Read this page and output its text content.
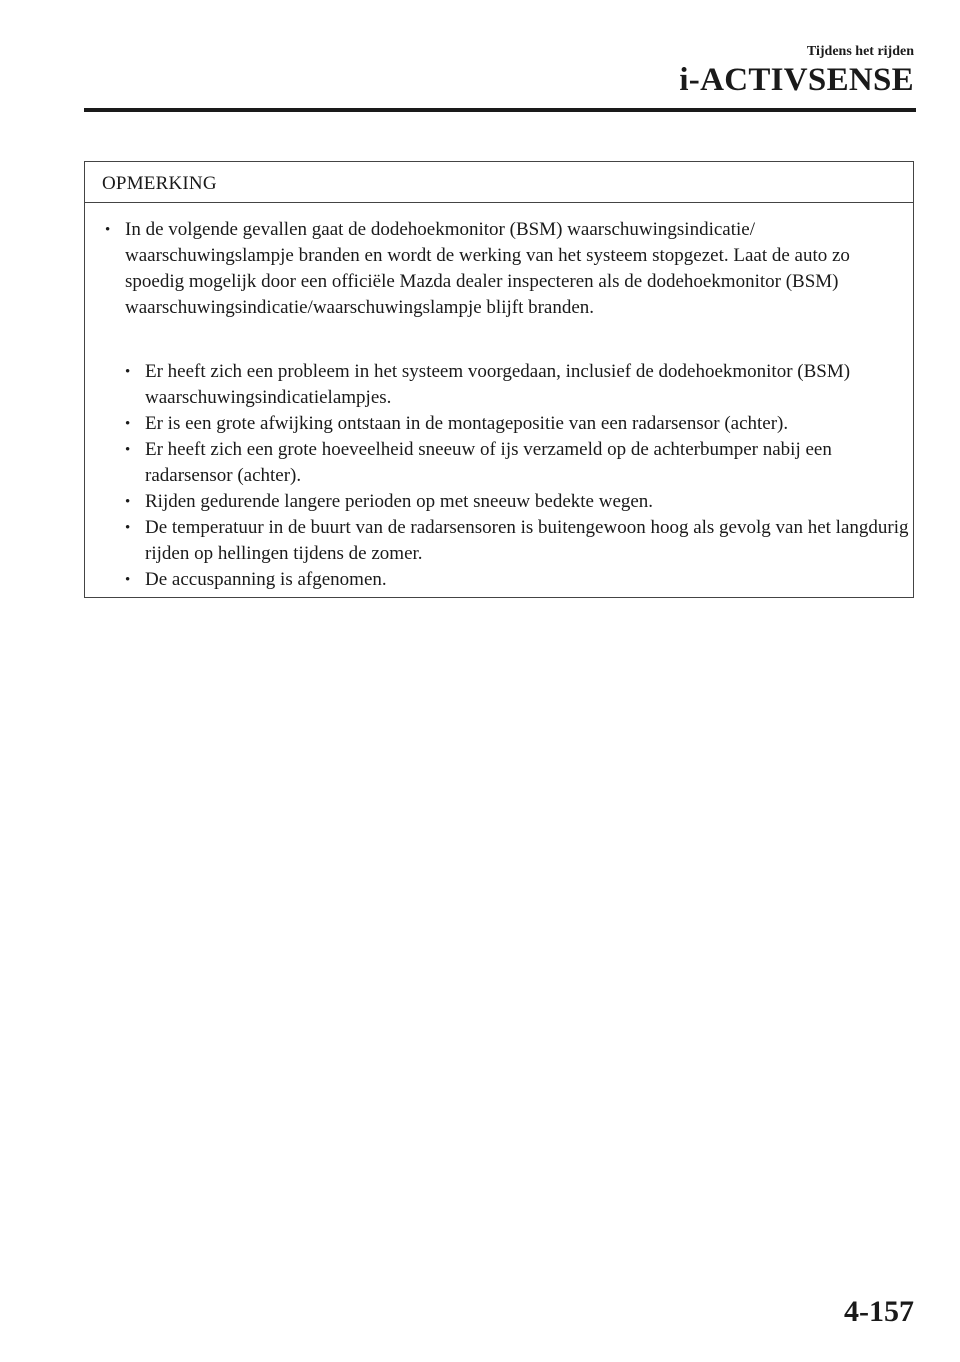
Tijdens het rijden
i-ACTIVSENSE
OPMERKING
• In de volgende gevallen gaat de dodehoekmonitor (BSM) waarschuwingsindicatie/ waarschuwingslampje branden en wordt de werking van het systeem stopgezet. Laat de auto zo spoedig mogelijk door een officiële Mazda dealer inspecteren als de dodehoekmonitor (BSM) waarschuwingsindicatie/waarschuwingslampje blijft branden.
• Er heeft zich een probleem in het systeem voorgedaan, inclusief de dodehoekmonitor (BSM) waarschuwingsindicatielampjes.
• Er is een grote afwijking ontstaan in de montagepositie van een radarsensor (achter).
• Er heeft zich een grote hoeveelheid sneeuw of ijs verzameld op de achterbumper nabij een radarsensor (achter).
• Rijden gedurende langere perioden op met sneeuw bedekte wegen.
• De temperatuur in de buurt van de radarsensoren is buitengewoon hoog als gevolg van het langdurig rijden op hellingen tijdens de zomer.
• De accuspanning is afgenomen.
4-157
